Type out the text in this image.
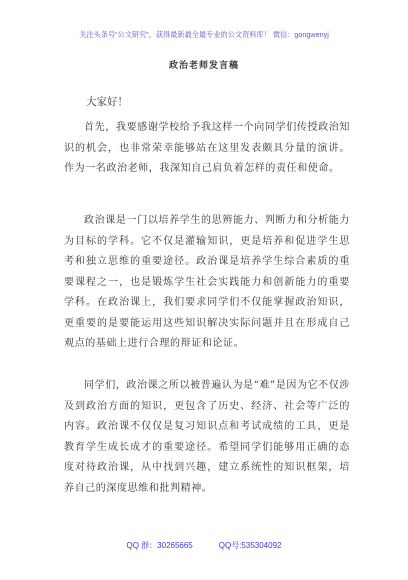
关注头条号“公文研究”，获得最新最全最专业的公文资料库！ 微信：gongwenyj
政治老师发言稿
大家好！
首先，我要感谢学校给予我这样一个向同学们传授政治知识的机会，也非常荣幸能够站在这里发表颇具分量的演讲。作为一名政治老师，我深知自己肩负着怎样的责任和使命。
政治课是一门以培养学生的思辨能力、判断力和分析能力为目标的学科。它不仅是灌输知识，更是培养和促进学生思考和独立思维的重要途径。政治课是培养学生综合素质的重要课程之一，也是锻炼学生社会实践能力和创新能力的重要学科。在政治课上，我们要求同学们不仅能掌握政治知识，更重要的是要能运用这些知识解决实际问题并且在形成自己观点的基础上进行合理的辩证和论证。
同学们，政治课之所以被普遍认为是“难”是因为它不仅涉及到政治方面的知识，更包含了历史、经济、社会等广泛的内容。政治课不仅仅是复习知识点和考试成绩的工具，更是教育学生成长成才的重要途径。希望同学们能够用正确的态度对待政治课，从中找到兴趣，建立系统性的知识框架，培养自己的深度思维和批判精神。
QQ 群：30265665	QQ号:535304092
